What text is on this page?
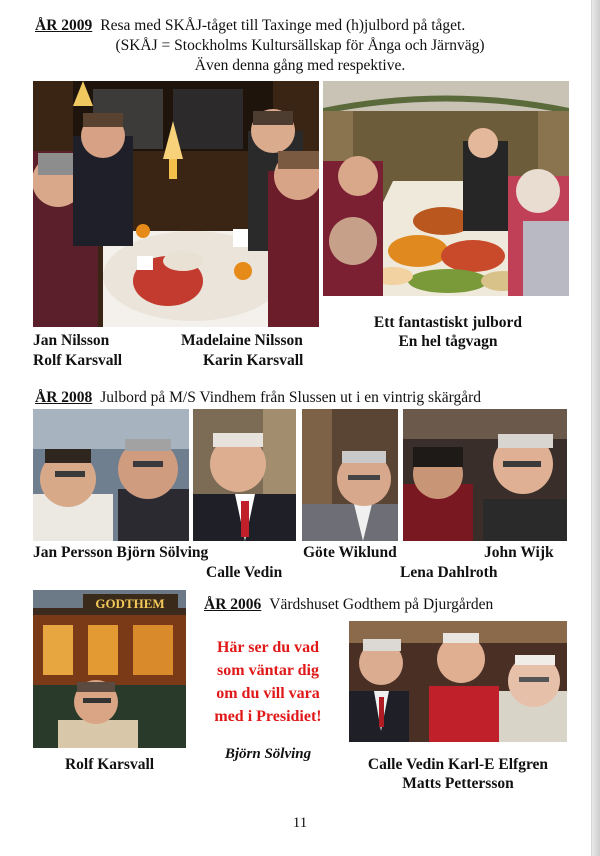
ÅR 2009 Resa med SKÅJ-tåget till Taxinge med (h)julbord på tåget.
(SKÅJ = Stockholms Kultursällskap för Ånga och Järnväg)
Även denna gång med respektive.
Jan Nilsson	Madelaine Nilsson
Rolf Karsvall	Karin Karsvall
Ett fantastiskt julbord
En hel tågvagn
ÅR 2008 Julbord på M/S Vindhem från Slussen ut i en vintrig skärgård
Jan Persson Björn Sölving	Göte Wiklund	John Wijk
Calle Vedin	Lena Dahlroth
GODTHEM	ÅR 2006 Värdshuset Godthem på Djurgården
Här ser du vad
som väntar dig
om du vill vara
med i Presidiet!
Björn Sölving
Rolf Karsvall	Calle Vedin Karl-E Elfgren
Matts Pettersson
11
